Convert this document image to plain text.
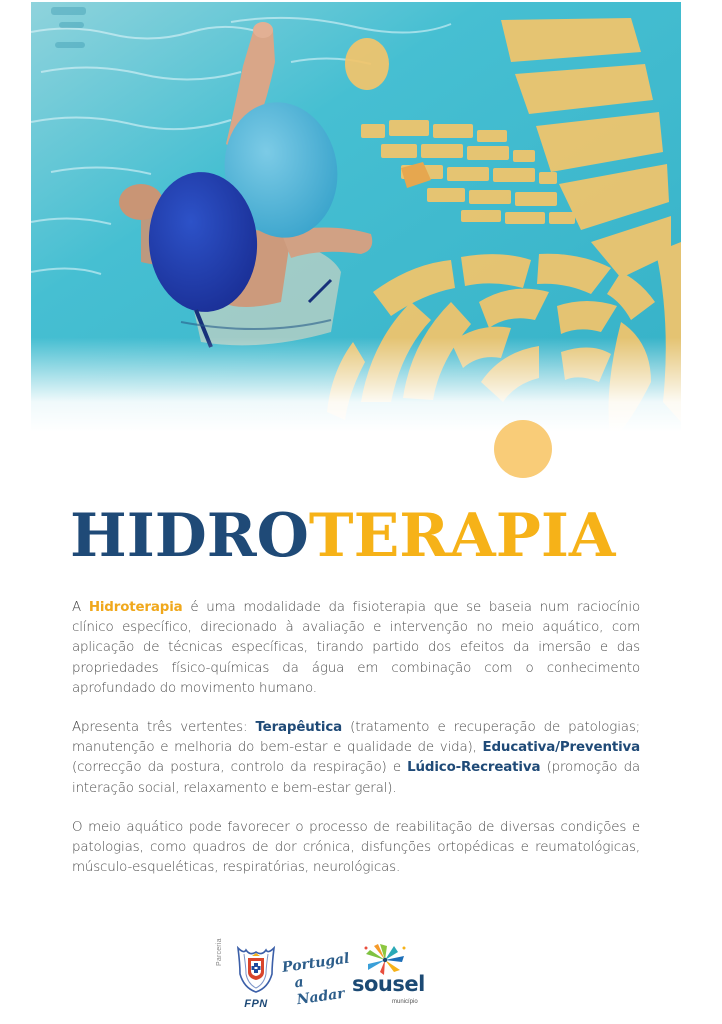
HIDROTERAPIA

A Hidroterapia é uma modalidade da fisioterapia que se baseia num raciocínio clínico específico, direcionado à avaliação e intervenção no meio aquático, com aplicação de técnicas específicas, tirando partido dos efeitos da imersão e das propriedades físico-químicas da água em combinação com o conhecimento aprofundado do movimento humano.

Apresenta três vertentes: Terapêutica (tratamento e recuperação de patologias; manutenção e melhoria do bem-estar e qualidade de vida), Educativa/Preventiva (correcção da postura, controlo da respiração) e Lúdico-Recreativa (promoção da interação social, relaxamento e bem-estar geral).

O meio aquático pode favorecer o processo de reabilitação de diversas condições e patologias, como quadros de dor crónica, disfunções ortopédicas e reumatológicas, músculo-esqueléticas, respiratórias, neurológicas.

Parceria
FPN
Portugal
a Nadar
sousel
município
